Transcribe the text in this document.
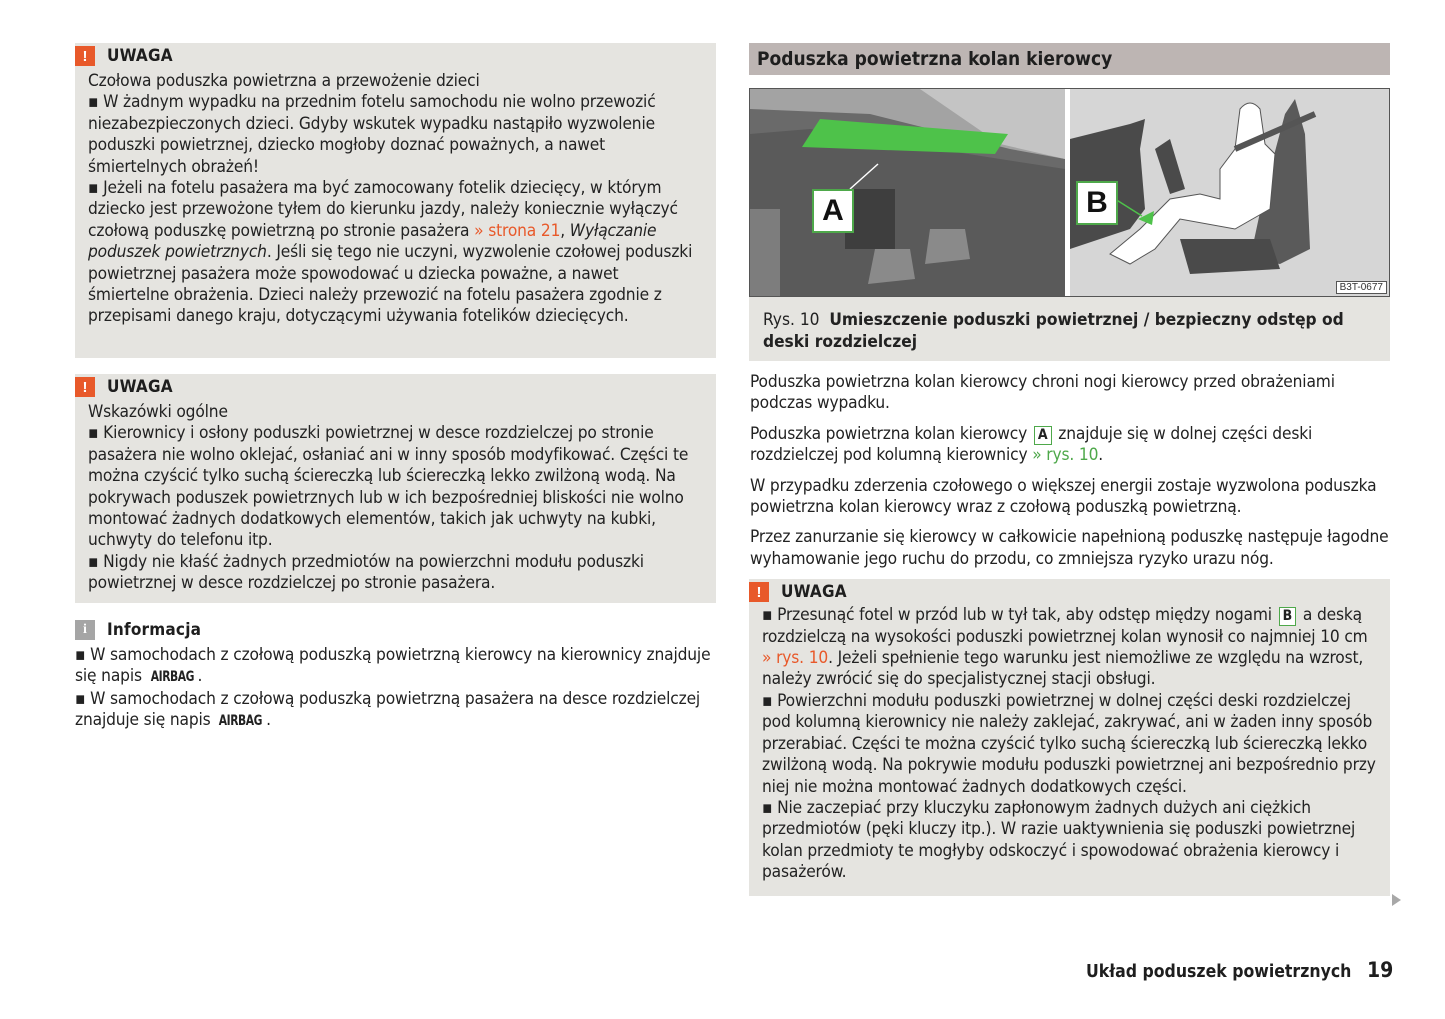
!	UWAGA

Czołowa poduszka powietrzna a przewożenie dzieci

▪ W żadnym wypadku na przednim fotelu samochodu nie wolno przewozić niezabezpieczonych dzieci. Gdyby wskutek wypadku nastąpiło wyzwolenie poduszki powietrznej, dziecko mogłoby doznać poważnych, a nawet śmiertelnych obrażeń!

▪ Jeżeli na fotelu pasażera ma być zamocowany fotelik dziecięcy, w którym dziecko jest przewożone tyłem do kierunku jazdy, należy koniecznie wyłączyć czołową poduszkę powietrzną po stronie pasażera » strona 21, Wyłączanie poduszek powietrznych. Jeśli się tego nie uczyni, wyzwolenie czołowej poduszki powietrznej pasażera może spowodować u dziecka poważne, a nawet śmiertelne obrażenia. Dzieci należy przewozić na fotelu pasażera zgodnie z przepisami danego kraju, dotyczącymi używania fotelików dziecięcych.

!	UWAGA

Wskazówki ogólne

▪ Kierownicy i osłony poduszki powietrznej w desce rozdzielczej po stronie pasażera nie wolno oklejać, osłaniać ani w inny sposób modyfikować. Części te można czyścić tylko suchą ściereczką lub ściereczką lekko zwilżoną wodą. Na pokrywach poduszek powietrznych lub w ich bezpośredniej bliskości nie wolno montować żadnych dodatkowych elementów, takich jak uchwyty na kubki, uchwyty do telefonu itp.

▪ Nigdy nie kłaść żadnych przedmiotów na powierzchni modułu poduszki powietrznej w desce rozdzielczej po stronie pasażera.

i	Informacja

▪ W samochodach z czołową poduszką powietrzną kierowcy na kierownicy znajduje się napis AIRBAG .

▪ W samochodach z czołową poduszką powietrzną pasażera na desce rozdzielczej znajduje się napis AIRBAG .

Poduszka powietrzna kolan kierowcy
A	B
B3T-0677
Rys. 10 Umieszczenie poduszki powietrznej / bezpieczny odstęp od deski rozdzielczej

Poduszka powietrzna kolan kierowcy chroni nogi kierowcy przed obrażeniami podczas wypadku.

Poduszka powietrzna kolan kierowcy A znajduje się w dolnej części deski rozdzielczej pod kolumną kierownicy » rys. 10.

W przypadku zderzenia czołowego o większej energii zostaje wyzwolona poduszka powietrzna kolan kierowcy wraz z czołową poduszką powietrzną.

Przez zanurzanie się kierowcy w całkowicie napełnioną poduszkę następuje łagodne wyhamowanie jego ruchu do przodu, co zmniejsza ryzyko urazu nóg.

!	UWAGA

▪ Przesunąć fotel w przód lub w tył tak, aby odstęp między nogami B a deską rozdzielczą na wysokości poduszki powietrznej kolan wynosił co najmniej 10 cm » rys. 10. Jeżeli spełnienie tego warunku jest niemożliwe ze względu na wzrost, należy zwrócić się do specjalistycznej stacji obsługi.

▪ Powierzchni modułu poduszki powietrznej w dolnej części deski rozdzielczej pod kolumną kierownicy nie należy zaklejać, zakrywać, ani w żaden inny sposób przerabiać. Części te można czyścić tylko suchą ściereczką lub ściereczką lekko zwilżoną wodą. Na pokrywie modułu poduszki powietrznej ani bezpośrednio przy niej nie można montować żadnych dodatkowych części.

▪ Nie zaczepiać przy kluczyku zapłonowym żadnych dużych ani ciężkich przedmiotów (pęki kluczy itp.). W razie uaktywnienia się poduszki powietrznej kolan przedmioty te mogłyby odskoczyć i spowodować obrażenia kierowcy i pasażerów.

Układ poduszek powietrznych 19
